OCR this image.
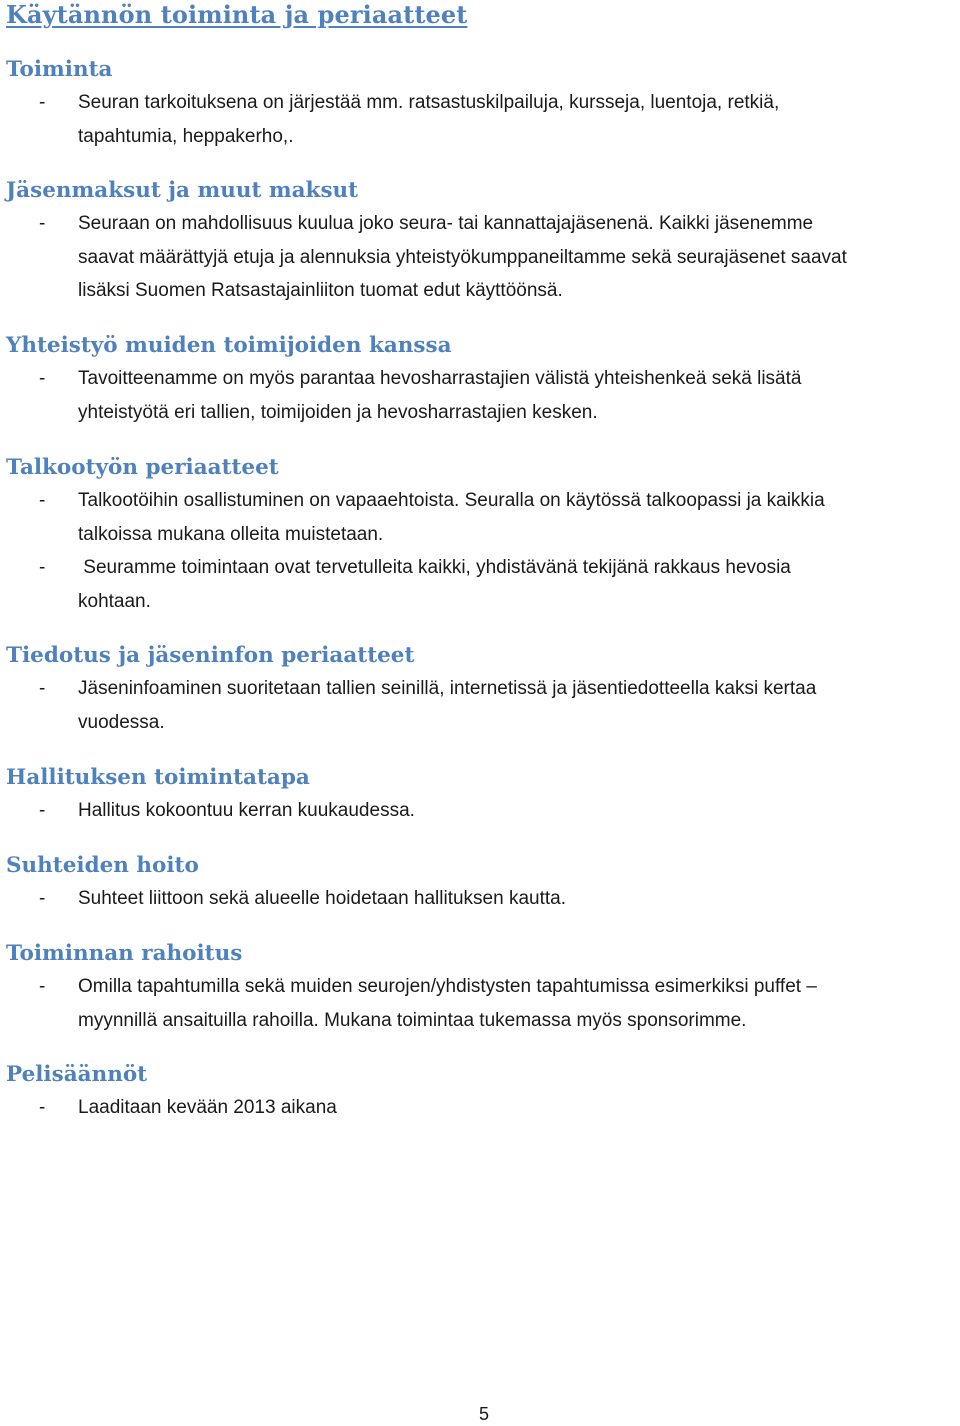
Käytännön toiminta ja periaatteet
Toiminta
- Seuran tarkoituksena on järjestää mm. ratsastuskilpailuja, kursseja, luentoja, retkiä,
tapahtumia, heppakerho,.
Jäsenmaksut ja muut maksut
- Seuraan on mahdollisuus kuulua joko seura- tai kannattajajäsenenä. Kaikki jäsenemme
saavat määrättyjä etuja ja alennuksia yhteistyökumppaneiltamme sekä seurajäsenet saavat
lisäksi Suomen Ratsastajainliiton tuomat edut käyttöönsä.
Yhteistyö muiden toimijoiden kanssa
- Tavoitteenamme on myös parantaa hevosharrastajien välistä yhteishenkeä sekä lisätä
yhteistyötä eri tallien, toimijoiden ja hevosharrastajien kesken.
Talkootyön periaatteet
- Talkootöihin osallistuminen on vapaaehtoista. Seuralla on käytössä talkoopassi ja kaikkia
talkoissa mukana olleita muistetaan.
- Seuramme toimintaan ovat tervetulleita kaikki, yhdistävänä tekijänä rakkaus hevosia
kohtaan.
Tiedotus ja jäseninfon periaatteet
- Jäseninfoaminen suoritetaan tallien seinillä, internetissä ja jäsentiedotteella kaksi kertaa
vuodessa.
Hallituksen toimintatapa
- Hallitus kokoontuu kerran kuukaudessa.
Suhteiden hoito
- Suhteet liittoon sekä alueelle hoidetaan hallituksen kautta.
Toiminnan rahoitus
- Omilla tapahtumilla sekä muiden seurojen/yhdistysten tapahtumissa esimerkiksi puffet –
myynnillä ansaituilla rahoilla. Mukana toimintaa tukemassa myös sponsorimme.
Pelisäännöt
- Laaditaan kevään 2013 aikana
5
